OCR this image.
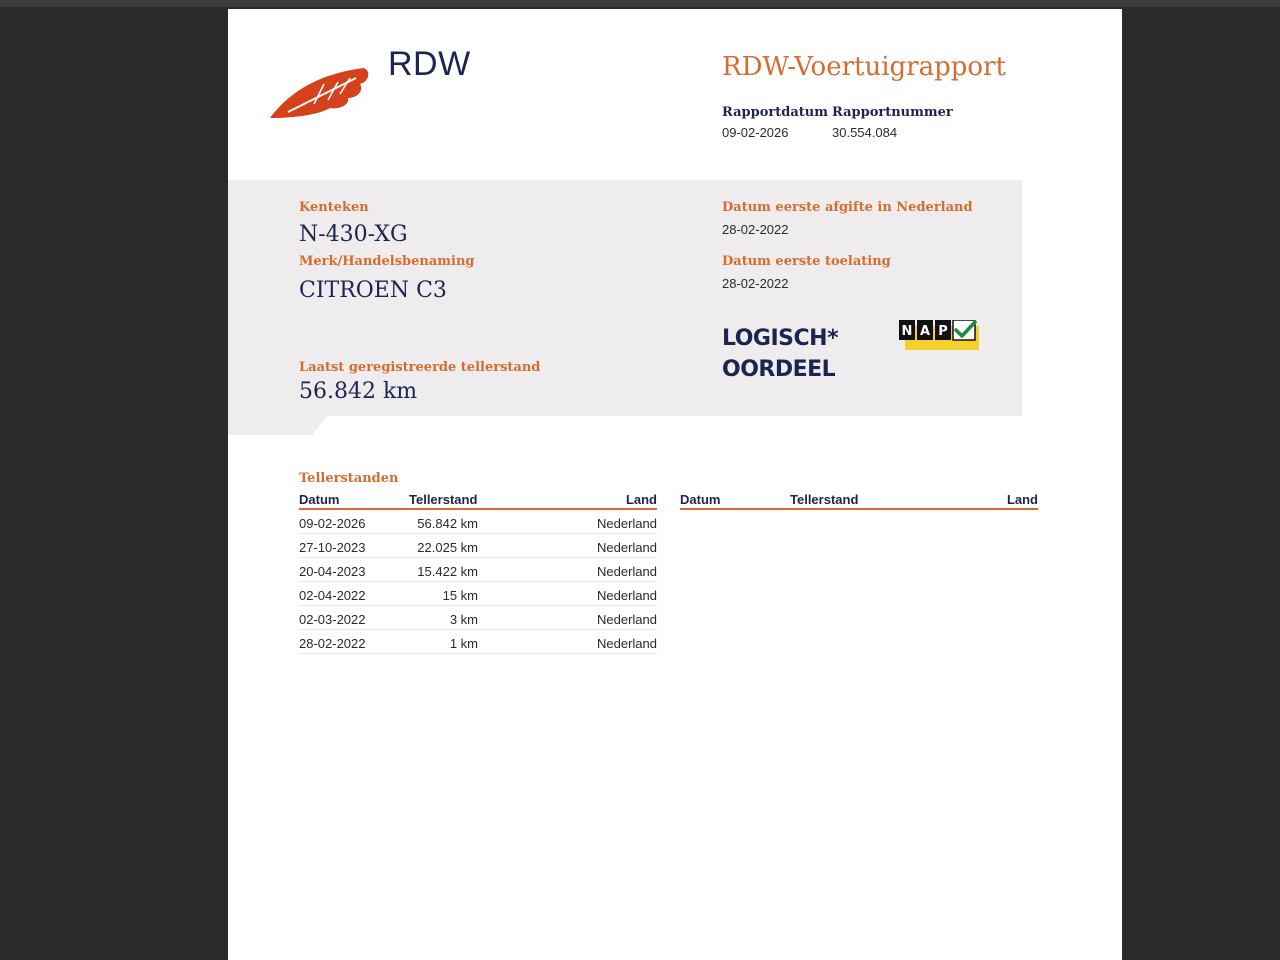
RDW	RDW-Voertuigrapport
Rapportdatum
09-02-2026
Rapportnummer
30.554.084
Kenteken
N-430-XG
Merk/Handelsbenaming
CITROEN C3
Laatst geregistreerde tellerstand
56.842 km
Datum eerste afgifte in Nederland
28-02-2022
Datum eerste toelating
28-02-2022
LOGISCH*
OORDEEL
N A P
Tellerstanden
Datum	Tellerstand	Land
09-02-2026	56.842 km	Nederland
27-10-2023	22.025 km	Nederland
20-04-2023	15.422 km	Nederland
02-04-2022	15 km	Nederland
02-03-2022	3 km	Nederland
28-02-2022	1 km	Nederland
Datum	Tellerstand	Land
